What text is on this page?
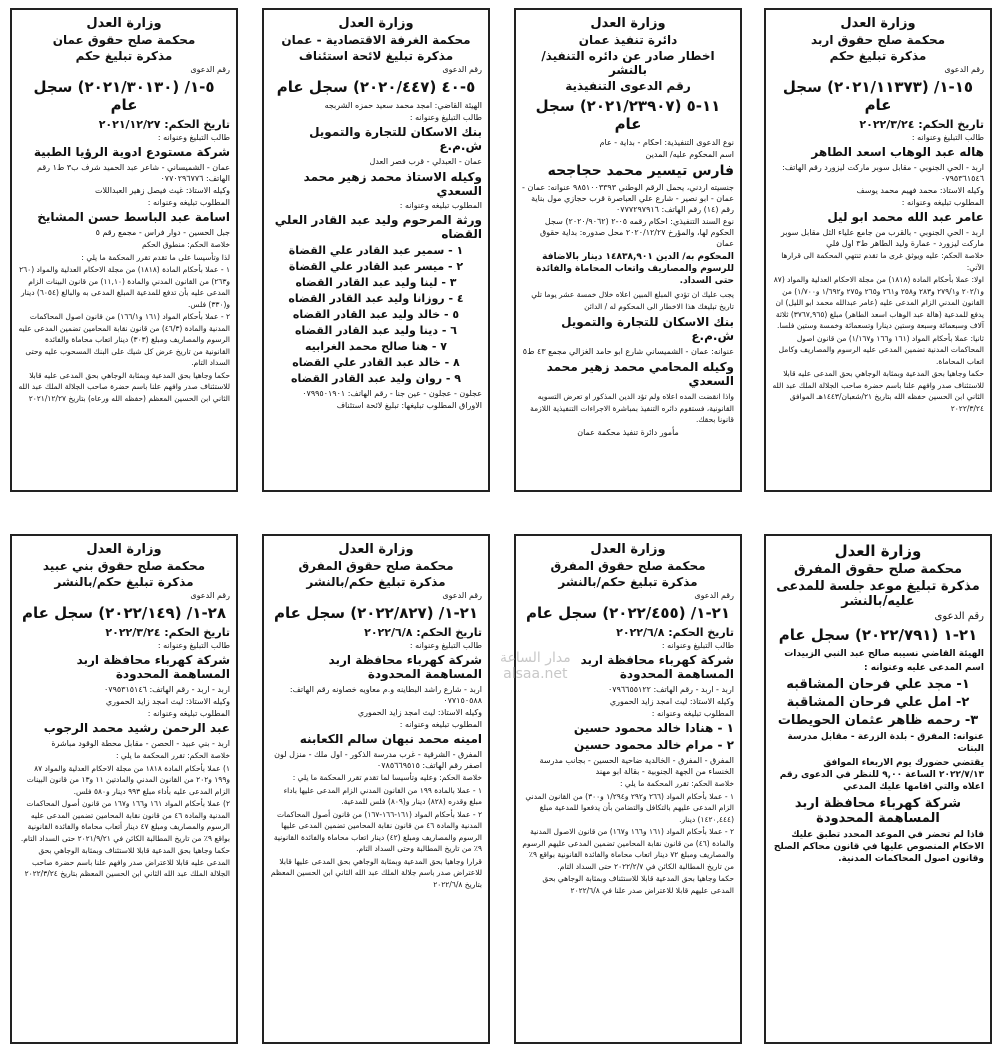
وزارة العدل
محكمة صلح حقوق اربد
مذكرة تبليغ حكم
رقم الدعوى
١٥-١/ (٢٠٢١/١١٣٧٣) سجل عام
تاريخ الحكم: ٢٠٢٢/٣/٢٤
طالب التبليغ وعنوانه :
هاله عبد الوهاب اسعد الطاهر
اربد - الحي الجنوبي - مقابل سوبر ماركت ليزورد رقم الهاتف: ٠٧٩٥٣٦١٥٤٦
وكيله الاستاذ: محمد فهيم محمد يوسف
المطلوب تبليغه وعنوانه :
عامر عبد الله محمد ابو ليل
اربد - الحي الجنوبي - بالقرب من جامع علياء الثل مقابل سوبر ماركت ليزورد - عمارة وليد الطاهر ط٣ اول فلي
خلاصة الحكم: عليه ويوثق غرى ما تقدم تنتهي المحكمة الى قرارها الآتي:
اولا: عملا بأحكام المادة (١٨١٨) من مجلة الاحكام العدلية والمواد (٨٧ و٢٠٢/١ و٢٧٩/١ و٢٨٣ و٢٥٨ و٢٦١ و٢٦٥ و٢٧٥ و١/٦٩٢ و١/٧٠٠) من القانون المدني الزام المدعى عليه (عامر عبدالله محمد ابو الليل) ان يدفع للمدعية (هالة عبد الوهاب اسعد الطاهر) مبلغ (٣٧٦٧,٩٦٥) ثلاثة آلاف وسبعمائة وسبعة وستين دينارا وتسعمائة وخمسة وستين فلسا.
ثانيا: عملا بأحكام المواد (١٦١ و١٦٦ و١/١٦٧) من قانون اصول المحاكمات المدنية تضمين المدعى عليه الرسوم والمصاريف وكامل اتعاب المحاماة.
حكما وجاهيا بحق المدعية وبمثابة الوجاهي بحق المدعى عليه قابلا للاستئناف صدر وافهم علنا باسم حضرة صاحب الجلالة الملك عبد الله الثاني ابن الحسين حفظه الله بتاريخ ٢١/شعبان/١٤٤٣هـ الموافق ٢٠٢٢/٣/٢٤
وزارة العدل
دائرة تنفيذ عمان
اخطار صادر عن دائره التنفيذ/ بالنشر
رقم الدعوى التنفيذية
١١-٥ (٢٠٢١/٢٣٩٠٧) سجل عام
نوع الدعوى التنفيذية: احكام - بداية - عام
اسم المحكوم عليه/ المدين
فارس تيسير محمد حجاجحه
جنسيته اردني، يحمل الرقم الوطني ٩٨٥١٠٠٣٣٩٣ عنوانه: عمان - عمان - ابو نصير - شارع علي العباصرة قرب حجازي مول بناية رقم (١٤) رقم الهاتف: ٠٧٧٧٢٩٧٩١٦
نوع السند التنفيذي: احكام رقمه ٠٥-٢ (٢٠٢٠/٩٠٦٢) سجل الحكوم لها، والمؤرخ ٢٠٢٠/١٢/٢٧ محل صدوره: بداية حقوق عمان
المحكوم به/ الدين ١٤٨٣٨,٩٠١ دينار بالاضافة للرسوم والمصاريف واتعاب المحاماة والفائدة حتى السداد.
يجب عليك ان تؤدي المبلغ المبين اعلاه خلال خمسة عشر يوما تلي تاريخ تبليغك هذا الاخطار الى المحكوم له / الدائن
بنك الاسكان للتجارة والتمويل ش.م.ع
عنوانه: عمان - الشميساني شارع ابو حامد الغزالي مجمع ٤٣ ط٥
وكيله المحامي محمد زهير محمد السعدي
واذا انقضت المده اعلاه ولم تؤد الدين المذكور او تعرض التسويه القانونية، فستقوم دائره التنفيذ بمباشرة الاجراءات التنفيذية اللازمة قانونا بحقك.
مأمور دائرة تنفيذ محكمة عمان
وزارة العدل
محكمة الغرفة الاقتصادية - عمان
مذكرة تبليغ لائحة استئناف
رقم الدعوى
٥-٤٠ (٢٠٢٠/٤٤٧) سجل عام
الهيئة القاضي: امجد محمد سعيد حمزه الشربجه
طالب التبليغ وعنوانه :
بنك الاسكان للتجارة والتمويل ش.م.ع
عمان - العبدلي - قرب قصر العدل
وكيله الاستاذ محمد زهير محمد السعدي
المطلوب تبليغه وعنوانه :
ورثة المرحوم وليد عبد القادر العلي القضاه
١ - سمير عبد القادر علي القضاة
٢ - ميسر عبد القادر علي القضاة
٣ - لينا وليد عبد القادر القضاه
٤ - روزانا وليد عبد القادر القضاه
٥ - خالد وليد عبد القادر القضاه
٦ - دينا وليد عبد القادر القضاه
٧ - هنا صالح محمد الغرابيه
٨ - خالد عبد القادر علي القضاه
٩ - روان وليد عبد القادر القضاه
عجلون - عجلون - عين جنا - رقم الهاتف: ٠٧٩٩٥٠١٩٠١
الاوراق المطلوب تبليغها: تبليغ لائحة استئناف
وزارة العدل
محكمة صلح حقوق عمان
مذكرة تبليغ حكم
رقم الدعوى
٥-١/ (٢٠٢١/٣٠١٣٠) سجل عام
تاريخ الحكم: ٢٠٢١/١٢/٢٧
طالب التبليغ وعنوانه :
شركة مستودع ادوية الرؤيا الطبية
عمان - الشميساني - شاعر عبد الحميد شرف ب٣ ط١ رقم الهاتف: ٠٧٧٠٢٩٦٧٧٦
وكيله الاستاذ: غيث فيصل زهير العبداللات
المطلوب تبليغه وعنوانه :
اسامة عبد الباسط حسن المشايخ
جبل الحسين - دوار فراس - مجمع رقم ٥
خلاصة الحكم: منطوق الحكم
لذا وتأسيسا على ما تقدم تقرر المحكمة ما يلي :
١ - عملا بأحكام المادة (١٨١٨) من مجلة الاحكام العدلية والمواد (٢٦٠ و٢٦٣) من القانون المدني والمادة (١١,١٠) من قانون البينات الزام المدعى عليه بأن تدفع للمدعية المبلغ المدعى به والبالغ (٦٠٥٤) دينار و(٣٣٠) فلس.
٢ - عملا بأحكام المواد (١٦١ و١٦٦/١) من قانون اصول المحاكمات المدنية والمادة (٤٦/٣) من قانون نقابة المحامين تضمين المدعى عليه الرسوم والمصاريف ومبلغ (٣٠٣) دينار اتعاب محاماة والفائدة القانونية من تاريخ عرض كل شيك على البنك المسحوب عليه وحتى السداد التام.
حكما وجاهيا بحق المدعية وبمثابة الوجاهي بحق المدعى عليه قابلا للاستئناف صدر وافهم علنا باسم حضرة صاحب الجلالة الملك عبد الله الثاني ابن الحسين المعظم (حفظه الله ورعاه) بتاريخ ٢٠٢١/١٢/٢٧
وزارة العدل
محكمة صلح حقوق المفرق
مذكرة تبليغ موعد جلسة للمدعى عليه/بالنشر
رقم الدعوى
٢١-١ (٢٠٢٢/٧٩١) سجل عام
الهيئة القاضي نسيبه صالح عبد النبي الزبيدات
اسم المدعى عليه وعنوانه :
١- مجد علي فرحان المشاقبه
٢- امل علي فرحان المشاقبة
٣- رحمه ظاهر عثمان الحويطات
عنوانه: المفرق - بلدة الزرعة - مقابل مدرسة البنات
يقتضي حضورك يوم الاربعاء الموافق ٢٠٢٢/٧/١٣ الساعة ٩,٠٠ للنظر في الدعوى رقم اعلاه والتي اقامها عليك المدعي
شركة كهرباء محافظة اربد المساهمة المحدودة
فاذا لم تحضر في الموعد المحدد تطبق عليك الاحكام المنصوص عليها في قانون محاكم الصلح وقانون اصول المحاكمات المدنية.
وزارة العدل
محكمة صلح حقوق المفرق
مذكرة تبليغ حكم/بالنشر
رقم الدعوى
٢١-١/ (٢٠٢٢/٤٥٥) سجل عام
تاريخ الحكم: ٢٠٢٢/٦/٨
طالب التبليغ وعنوانه :
شركة كهرباء محافظة اربد المساهمة المحدودة
اربد - اربد - رقم الهاتف: ٠٧٩٦٦٥٥١٢٢
وكيله الاستاذ: ليث امجد زايد الحموري
المطلوب تبليغه وعنوانه :
١ - هنادا خالد محمود حسين
٢ - مرام خالد محمود حسين
المفرق - المفرق - الخالدية ضاحية الحسين - بجانب مدرسة الخنساء من الجهة الجنوبية - بقالة ابو مهند
خلاصة الحكم: تقرر المحكمة ما يلي :
١ - عملا بأحكام المواد (٢٦٦ و٢٩٢ و١/٢٩٤ و٣٠٠) من القانون المدني الزام المدعى عليهم بالتكافل والتضامن بأن يدفعوا للمدعية مبلغ (١٤٢٠,٤٤٤) دينار.
٢ - عملا بأحكام المواد (١٦١ و١٦٦ و١٦٧) من قانون الاصول المدنية والمادة (٤٦) من قانون نقابة المحامين تضمين المدعى عليهم الرسوم والمصاريف ومبلغ ٧٢ دينار اتعاب محاماة والفائدة القانونية بواقع ٩٪ من تاريخ المطالبة الكائن في ٢٠٢٢/٢/٧ حتى السداد التام.
حكما وجاهيا بحق المدعية قابلا للاستئناف وبمثابة الوجاهي بحق المدعى عليهم قابلا للاعتراض صدر علنا في ٢٠٢٢/٦/٨
وزارة العدل
محكمة صلح حقوق المفرق
مذكرة تبليغ حكم/بالنشر
رقم الدعوى
٢١-١/ (٢٠٢٢/٨٢٧) سجل عام
تاريخ الحكم: ٢٠٢٢/٦/٨
طالب التبليغ وعنوانه :
شركة كهرباء محافظة اربد المساهمة المحدودة
اربد - شارع راشد البطاينه و.م معاويه خصاونه رقم الهاتف: ٠٧٧١٥٠٥٨٨
وكيله الاستاذ: ليث امجد زايد الحموري
المطلوب تبليغه وعنوانه :
امينه محمد نبهان سالم الكعابنه
المفرق - الشرقية - غرب مدرسة الذكور - اول ملك - منزل لون اصفر رقم الهاتف: ٠٧٨٥٦٦٩٥١٥
خلاصة الحكم: وعليه وتأسيسا لما تقدم تقرر المحكمة ما يلي :
١ - عملا بالمادة ١٩٩ من القانون المدني الزام المدعى عليها باداء مبلغ وقدره (٨٢٨) دينار و(٨٠٩) فلس للمدعية.
٢ - عملا بأحكام المواد (١٦١-١٦٦-١٦٧) من قانون أصول المحاكمات المدنية والمادة ٤٦ من قانون نقابة المحامين تضمين المدعى عليها الرسوم والمصاريف ومبلغ (٤٢) دينار اتعاب محاماة والفائدة القانونية ٩٪ من تاريخ المطالبة وحتى السداد التام.
قرارا وجاهيا بحق المدعية وبمثابة الوجاهي بحق المدعى عليها قابلا للاعتراض صدر باسم جلالة الملك عبد الله الثاني ابن الحسين المعظم بتاريخ ٢٠٢٢/٦/٨
وزارة العدل
محكمة صلح حقوق بني عبيد
مذكرة تبليغ حكم/بالنشر
رقم الدعوى
٢٨-١/ (٢٠٢٢/١٤٩) سجل عام
تاريخ الحكم: ٢٠٢٢/٣/٢٤
طالب التبليغ وعنوانه :
شركة كهرباء محافظة اربد المساهمة المحدودة
اربد - اربد - رقم الهاتف: ٠٧٩٥٣١٥١٤٦
وكيله الاستاذ: ليث امجد زايد الحموري
المطلوب تبليغه وعنوانه :
عبد الرحمن رشيد محمد الرجوب
اربد - بني عبيد - الحصن - مقابل محطة الوقود مباشرة
خلاصة الحكم: تقرر المحكمة ما يلي :
١) عملا بأحكام المادة ١٨١٨ من مجلة الاحكام العدلية والمواد ٨٧ و١٩٩ و٢٠٢ من القانون المدني والمادتين ١١ و١٣ من قانون البينات الزام المدعى عليه بأداء مبلغ ٩٩٣ دينار و٥٨٠ فلس.
٢) عملا بأحكام المواد ١٦١ و١٦٦ و١٦٧ من قانون أصول المحاكمات المدنية والمادة ٤٦ من قانون نقابة المحامين تضمين المدعى عليه الرسوم والمصاريف ومبلغ ٤٧ دينار أتعاب محاماة والفائدة القانونية بواقع ٩٪ من تاريخ المطالبة الكائن في ٢٠٢١/٩/٢١ حتى السداد التام.
حكما وجاهيا بحق المدعية قابلا للاستئناف وبمثابة الوجاهي بحق المدعى عليه قابلا للاعتراض صدر وافهم علنا باسم حضرة صاحب الجلالة الملك عبد الله الثاني ابن الحسين المعظم بتاريخ ٢٠٢٢/٣/٢٤
مدار الساعة
alsaa.net
